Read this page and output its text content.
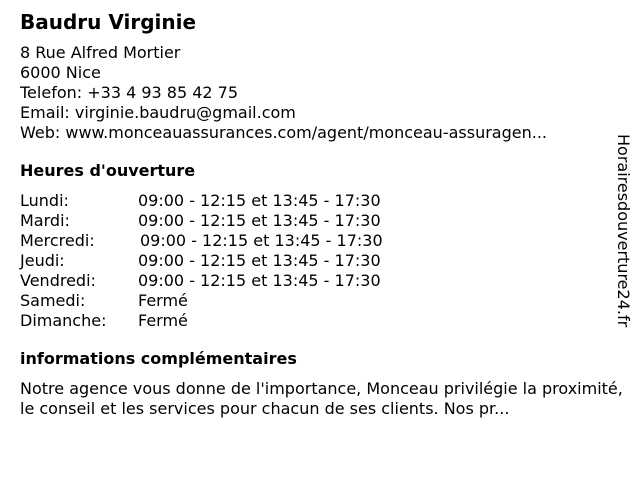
Baudru Virginie
8 Rue Alfred Mortier
6000 Nice
Telefon: +33 4 93 85 42 75
Email: virginie.baudru@gmail.com
Web: www.monceauassurances.com/agent/monceau-assuragen...
Heures d'ouverture
Lundi:	09:00 - 12:15 et 13:45 - 17:30
Mardi:	09:00 - 12:15 et 13:45 - 17:30
Mercredi:	09:00 - 12:15 et 13:45 - 17:30
Jeudi:	09:00 - 12:15 et 13:45 - 17:30
Vendredi:	09:00 - 12:15 et 13:45 - 17:30
Samedi:	Fermé
Dimanche:	Fermé
informations complémentaires
Notre agence vous donne de l'importance, Monceau privilégie la proximité, le conseil et les services pour chacun de ses clients. Nos pr...
Horairesdouverture24.fr
